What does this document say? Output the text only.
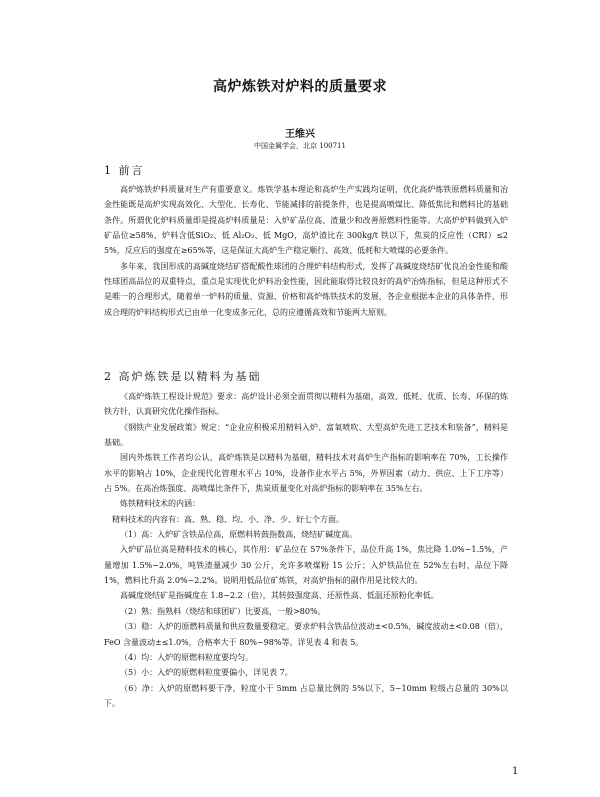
高炉炼铁对炉料的质量要求
王维兴
中国金属学会，北京 100711
1 前言

高炉炼铁炉料质量对生产有重要意义。炼铁学基本理论和高炉生产实践均证明，优化高炉炼铁原燃料质量和冶金性能既是高炉实现高效化、大型化、长寿化、节能减排的前提条件，也是提高喷煤比、降低焦比和燃料比的基础条件。所谓优化炉料质量即是提高炉料质量是：入炉矿品位高、渣量少和改善原燃料性能等。大高炉炉料做到入炉矿品位≥58%、炉料含低SiO₂、低 Al₂O₃、低 MgO，高炉渣比在 300kg/t 铁以下，焦炭的反应性（CRI）≤25%，反应后的强度在≥65%等，这是保证大高炉生产稳定顺行、高效、低耗和大喷煤的必要条件。

多年来，我国形成的高碱度烧结矿搭配酸性球团的合理炉料结构形式，发挥了高碱度烧结矿优良冶金性能和酸性球团高品位的双重特点，重点是实现优化炉料冶金性能，因此能取得比较良好的高炉冶炼指标，但是这种形式不是唯一的合理形式，随着单一炉料的质量、资源、价格和高炉炼铁技术的发展，各企业根据本企业的具体条件，形成合理的炉料结构形式已由单一化变成多元化，总的应遵循高效和节能两大原则。

2 高炉炼铁是以精料为基础

《高炉炼铁工程设计规范》要求：高炉设计必须全面贯彻以精料为基础，高效、低耗、优质、长寿、环保的炼铁方针，认真研究优化操作指标。

《钢铁产业发展政策》规定：“企业应积极采用精料入炉、富氧喷吹、大型高炉先进工艺技术和装备”，精料是基础。

国内外炼铁工作者均公认，高炉炼铁是以精料为基础，精料技术对高炉生产指标的影响率在 70%，工长操作水平的影响占 10%，企业现代化管理水平占 10%，设备作业水平占 5%，外界因素（动力、供应、上下工序等）占 5%。在高冶炼强度、高喷煤比条件下，焦炭质量变化对高炉指标的影响率在 35%左右。

炼铁精料技术的内涵：

精料技术的内容有：高、熟、稳、均、小、净、少、好七个方面。

（1）高：入炉矿含铁品位高，原燃料转鼓指数高，烧结矿碱度高。

入炉矿品位高是精料技术的核心，其作用：矿品位在 57%条件下，品位升高 1%，焦比降 1.0%~1.5%，产量增加 1.5%~2.0%，吨铁渣量减少 30 公斤，允许多喷煤粉 15 公斤；入炉铁品位在 52%左右时，品位下降 1%，燃料比升高 2.0%~2.2%。说明用低品位矿炼铁，对高炉指标的副作用是比较大的。

高碱度烧结矿是指碱度在 1.8~2.2（倍），其转鼓强度高、还原性高、低温还原粉化率低。

（2）熟：指熟料（烧结和球团矿）比要高，一般>80%。

（3）稳：入炉的原燃料质量和供应数量要稳定。要求炉料含铁品位波动±<0.5%，碱度波动±<0.08（倍），FeO 含量波动±≤1.0%，合格率大于 80%~98%等。详见表 4 和表 5。

（4）均：入炉的原燃料粒度要均匀。

（5）小：入炉的原燃料粒度要偏小，详见表 7。

（6）净：入炉的原燃料要干净，粒度小于 5mm 占总量比例的 5%以下，5~10mm 粒级占总量的 30%以下。

1
